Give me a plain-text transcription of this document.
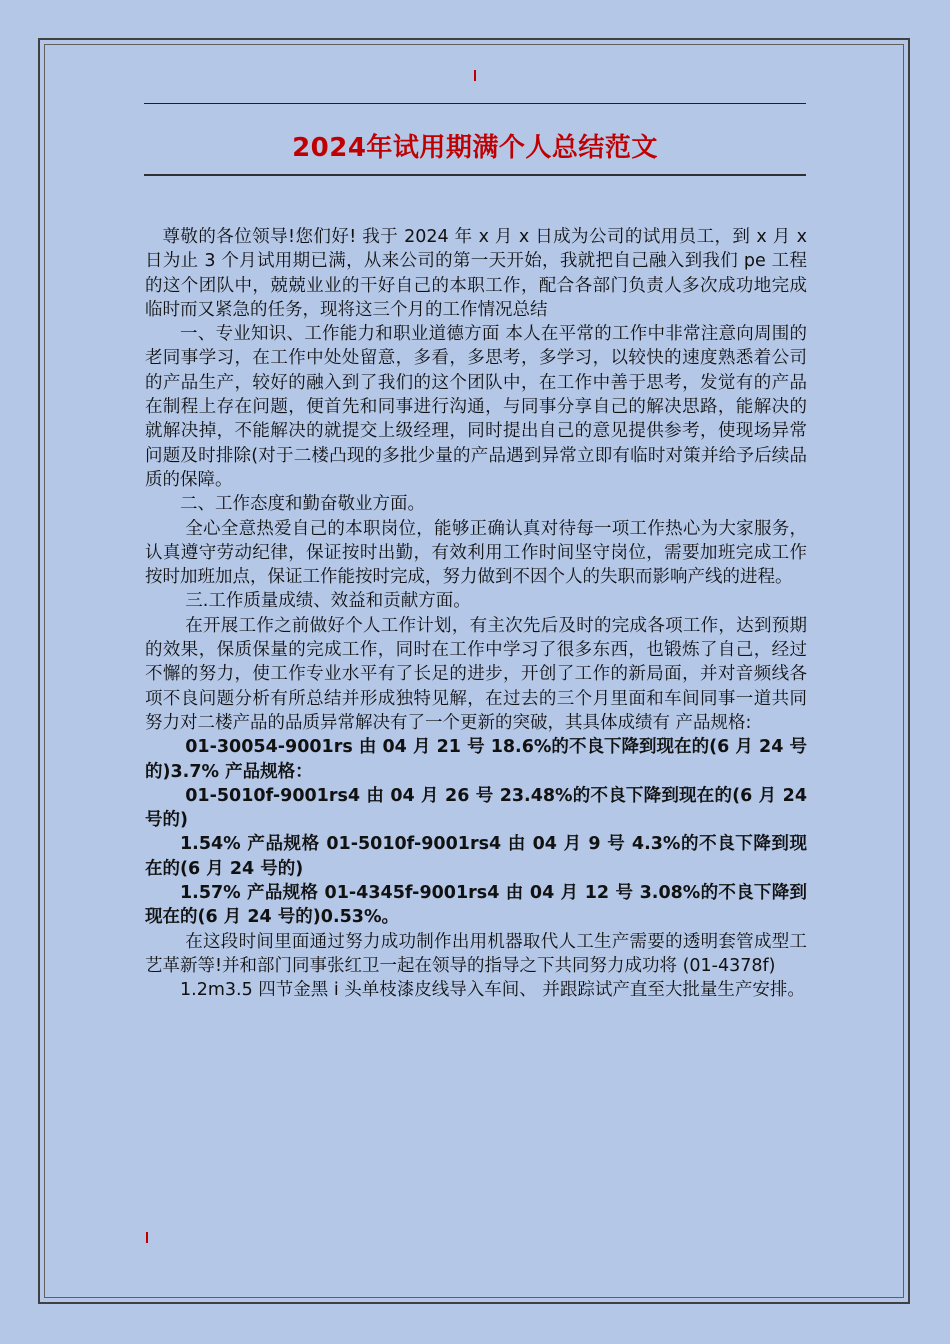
2024年试用期满个人总结范文

尊敬的各位领导!您们好! 我于 2024 年 x 月 x 日成为公司的试用员工，到 x 月 x 日为止 3 个月试用期已满，从来公司的第一天开始，我就把自己融入到我们 pe 工程的这个团队中，兢兢业业的干好自己的本职工作，配合各部门负责人多次成功地完成临时而又紧急的任务，现将这三个月的工作情况总结

一、专业知识、工作能力和职业道德方面 本人在平常的工作中非常注意向周围的老同事学习，在工作中处处留意，多看，多思考，多学习，以较快的速度熟悉着公司的产品生产，较好的融入到了我们的这个团队中，在工作中善于思考，发觉有的产品在制程上存在问题，便首先和同事进行沟通，与同事分享自己的解决思路，能解决的就解决掉，不能解决的就提交上级经理，同时提出自己的意见提供参考，使现场异常问题及时排除(对于二楼凸现的多批少量的产品遇到异常立即有临时对策并给予后续品质的保障。

二、工作态度和勤奋敬业方面。

全心全意热爱自己的本职岗位，能够正确认真对待每一项工作热心为大家服务，认真遵守劳动纪律，保证按时出勤，有效利用工作时间坚守岗位，需要加班完成工作按时加班加点，保证工作能按时完成，努力做到不因个人的失职而影响产线的进程。

三.工作质量成绩、效益和贡献方面。

在开展工作之前做好个人工作计划，有主次先后及时的完成各项工作，达到预期的效果，保质保量的完成工作，同时在工作中学习了很多东西，也锻炼了自己，经过不懈的努力，使工作专业水平有了长足的进步，开创了工作的新局面，并对音频线各项不良问题分析有所总结并形成独特见解，在过去的三个月里面和车间同事一道共同努力对二楼产品的品质异常解决有了一个更新的突破，其具体成绩有 产品规格:

01-30054-9001rs 由 04 月 21 号 18.6%的不良下降到现在的(6 月 24 号的)3.7% 产品规格：

01-5010f-9001rs4 由 04 月 26 号 23.48%的不良下降到现在的(6 月 24 号的)

1.54% 产品规格 01-5010f-9001rs4 由 04 月 9 号 4.3%的不良下降到现在的(6 月 24 号的)

1.57% 产品规格 01-4345f-9001rs4 由 04 月 12 号 3.08%的不良下降到现在的(6 月 24 号的)0.53%。

在这段时间里面通过努力成功制作出用机器取代人工生产需要的透明套管成型工艺革新等!并和部门同事张红卫一起在领导的指导之下共同努力成功将 (01-4378f)

1.2m3.5 四节金黑 i 头单枝漆皮线导入车间、 并跟踪试产直至大批量生产安排。
